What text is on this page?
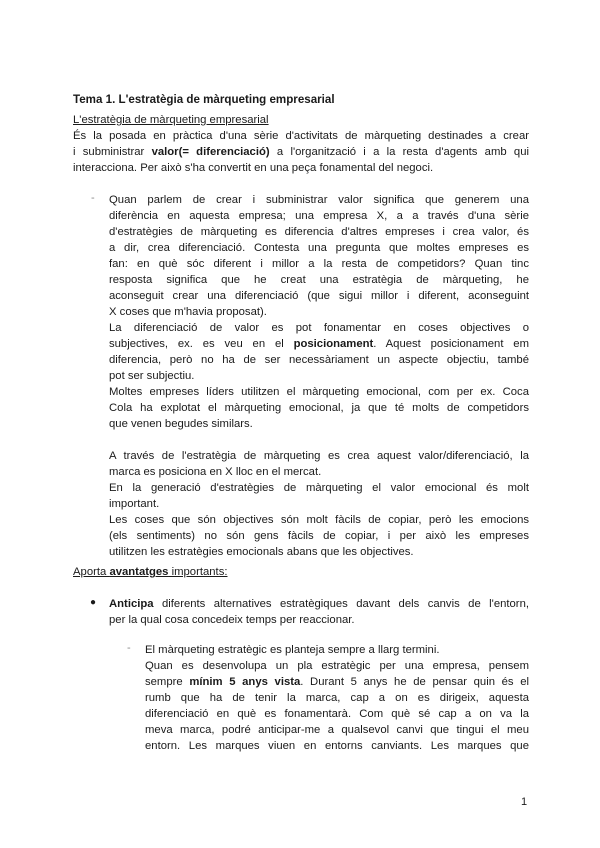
Tema 1. L'estratègia de màrqueting empresarial
L'estratègia de màrqueting empresarial
És la posada en pràctica d'una sèrie d'activitats de màrqueting destinades a crear
i subministrar valor(= diferenciació) a l'organització i a la resta d'agents amb qui
interacciona. Per això s'ha convertit en una peça fonamental del negoci.
- Quan parlem de crear i subministrar valor significa que generem una
diferència en aquesta empresa; una empresa X, a a través d'una sèrie
d'estratègies de màrqueting es diferencia d'altres empreses i crea valor, és
a dir, crea diferenciació. Contesta una pregunta que moltes empreses es
fan: en què sóc diferent i millor a la resta de competidors? Quan tinc
resposta significa que he creat una estratègia de màrqueting, he
aconseguit crear una diferenciació (que sigui millor i diferent, aconseguint
X coses que m'havia proposat).
La diferenciació de valor es pot fonamentar en coses objectives o
subjectives, ex. es veu en el posicionament. Aquest posicionament em
diferencia, però no ha de ser necessàriament un aspecte objectiu, també
pot ser subjectiu.
Moltes empreses líders utilitzen el màrqueting emocional, com per ex. Coca
Cola ha explotat el màrqueting emocional, ja que té molts de competidors
que venen begudes similars.

A través de l'estratègia de màrqueting es crea aquest valor/diferenciació, la
marca es posiciona en X lloc en el mercat.
En la generació d'estratègies de màrqueting el valor emocional és molt
important.
Les coses que són objectives són molt fàcils de copiar, però les emocions
(els sentiments) no són gens fàcils de copiar, i per això les empreses
utilitzen les estratègies emocionals abans que les objectives.
Aporta avantatges importants:
● Anticipa diferents alternatives estratègiques davant dels canvis de l'entorn,
per la qual cosa concedeix temps per reaccionar.
- El màrqueting estratègic es planteja sempre a llarg termini.
Quan es desenvolupa un pla estratègic per una empresa, pensem
sempre mínim 5 anys vista. Durant 5 anys he de pensar quin és el
rumb que ha de tenir la marca, cap a on es dirigeix, aquesta
diferenciació en què es fonamentarà. Com què sé cap a on va la
meva marca, podré anticipar-me a qualsevol canvi que tingui el meu
entorn. Les marques viuen en entorns canviants. Les marques que
1
